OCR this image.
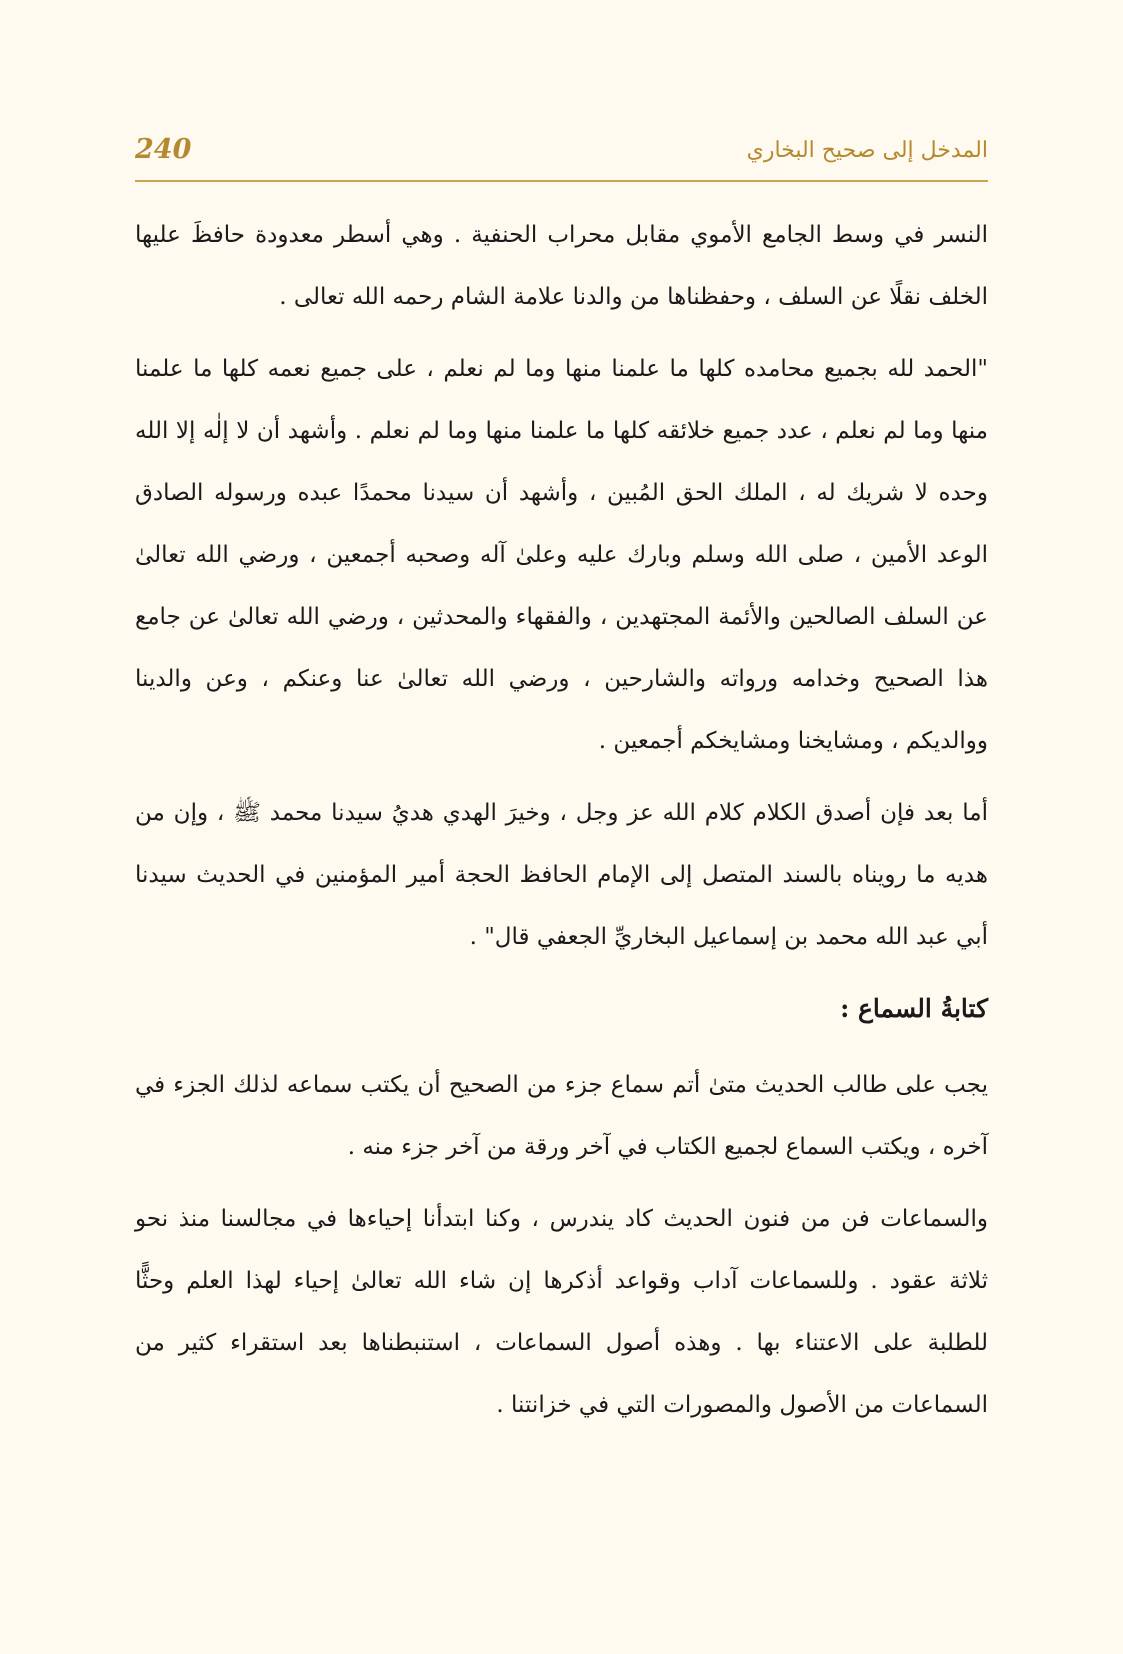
240	المدخل إلى صحيح البخاري

النسر في وسط الجامع الأموي مقابل محراب الحنفية . وهي أسطر معدودة حافظَ عليها الخلف نقلًا عن السلف ، وحفظناها من والدنا علامة الشام رحمه الله تعالى .

"الحمد لله بجميع محامده كلها ما علمنا منها وما لم نعلم ، على جميع نعمه كلها ما علمنا منها وما لم نعلم ، عدد جميع خلائقه كلها ما علمنا منها وما لم نعلم . وأشهد أن لا إلٰه إلا الله وحده لا شريك له ، الملك الحق المُبين ، وأشهد أن سيدنا محمدًا عبده ورسوله الصادق الوعد الأمين ، صلى الله وسلم وبارك عليه وعلىٰ آله وصحبه أجمعين ، ورضي الله تعالىٰ عن السلف الصالحين والأئمة المجتهدين ، والفقهاء والمحدثين ، ورضي الله تعالىٰ عن جامع هذا الصحيح وخدامه ورواته والشارحين ، ورضي الله تعالىٰ عنا وعنكم ، وعن والدينا ووالديكم ، ومشايخنا ومشايخكم أجمعين .

أما بعد فإن أصدق الكلام كلام الله عز وجل ، وخيرَ الهدي هديُ سيدنا محمد ﷺ ، وإن من هديه ما رويناه بالسند المتصل إلى الإمام الحافظ الحجة أمير المؤمنين في الحديث سيدنا أبي عبد الله محمد بن إسماعيل البخاريِّ الجعفي قال" .

كتابةُ السماع :

يجب على طالب الحديث متىٰ أتم سماع جزء من الصحيح أن يكتب سماعه لذلك الجزء في آخره ، ويكتب السماع لجميع الكتاب في آخر ورقة من آخر جزء منه .

والسماعات فن من فنون الحديث كاد يندرس ، وكنا ابتدأنا إحياءها في مجالسنا منذ نحو ثلاثة عقود . وللسماعات آداب وقواعد أذكرها إن شاء الله تعالىٰ إحياء لهذا العلم وحثًّا للطلبة على الاعتناء بها . وهذه أصول السماعات ، استنبطناها بعد استقراء كثير من السماعات من الأصول والمصورات التي في خزانتنا .
